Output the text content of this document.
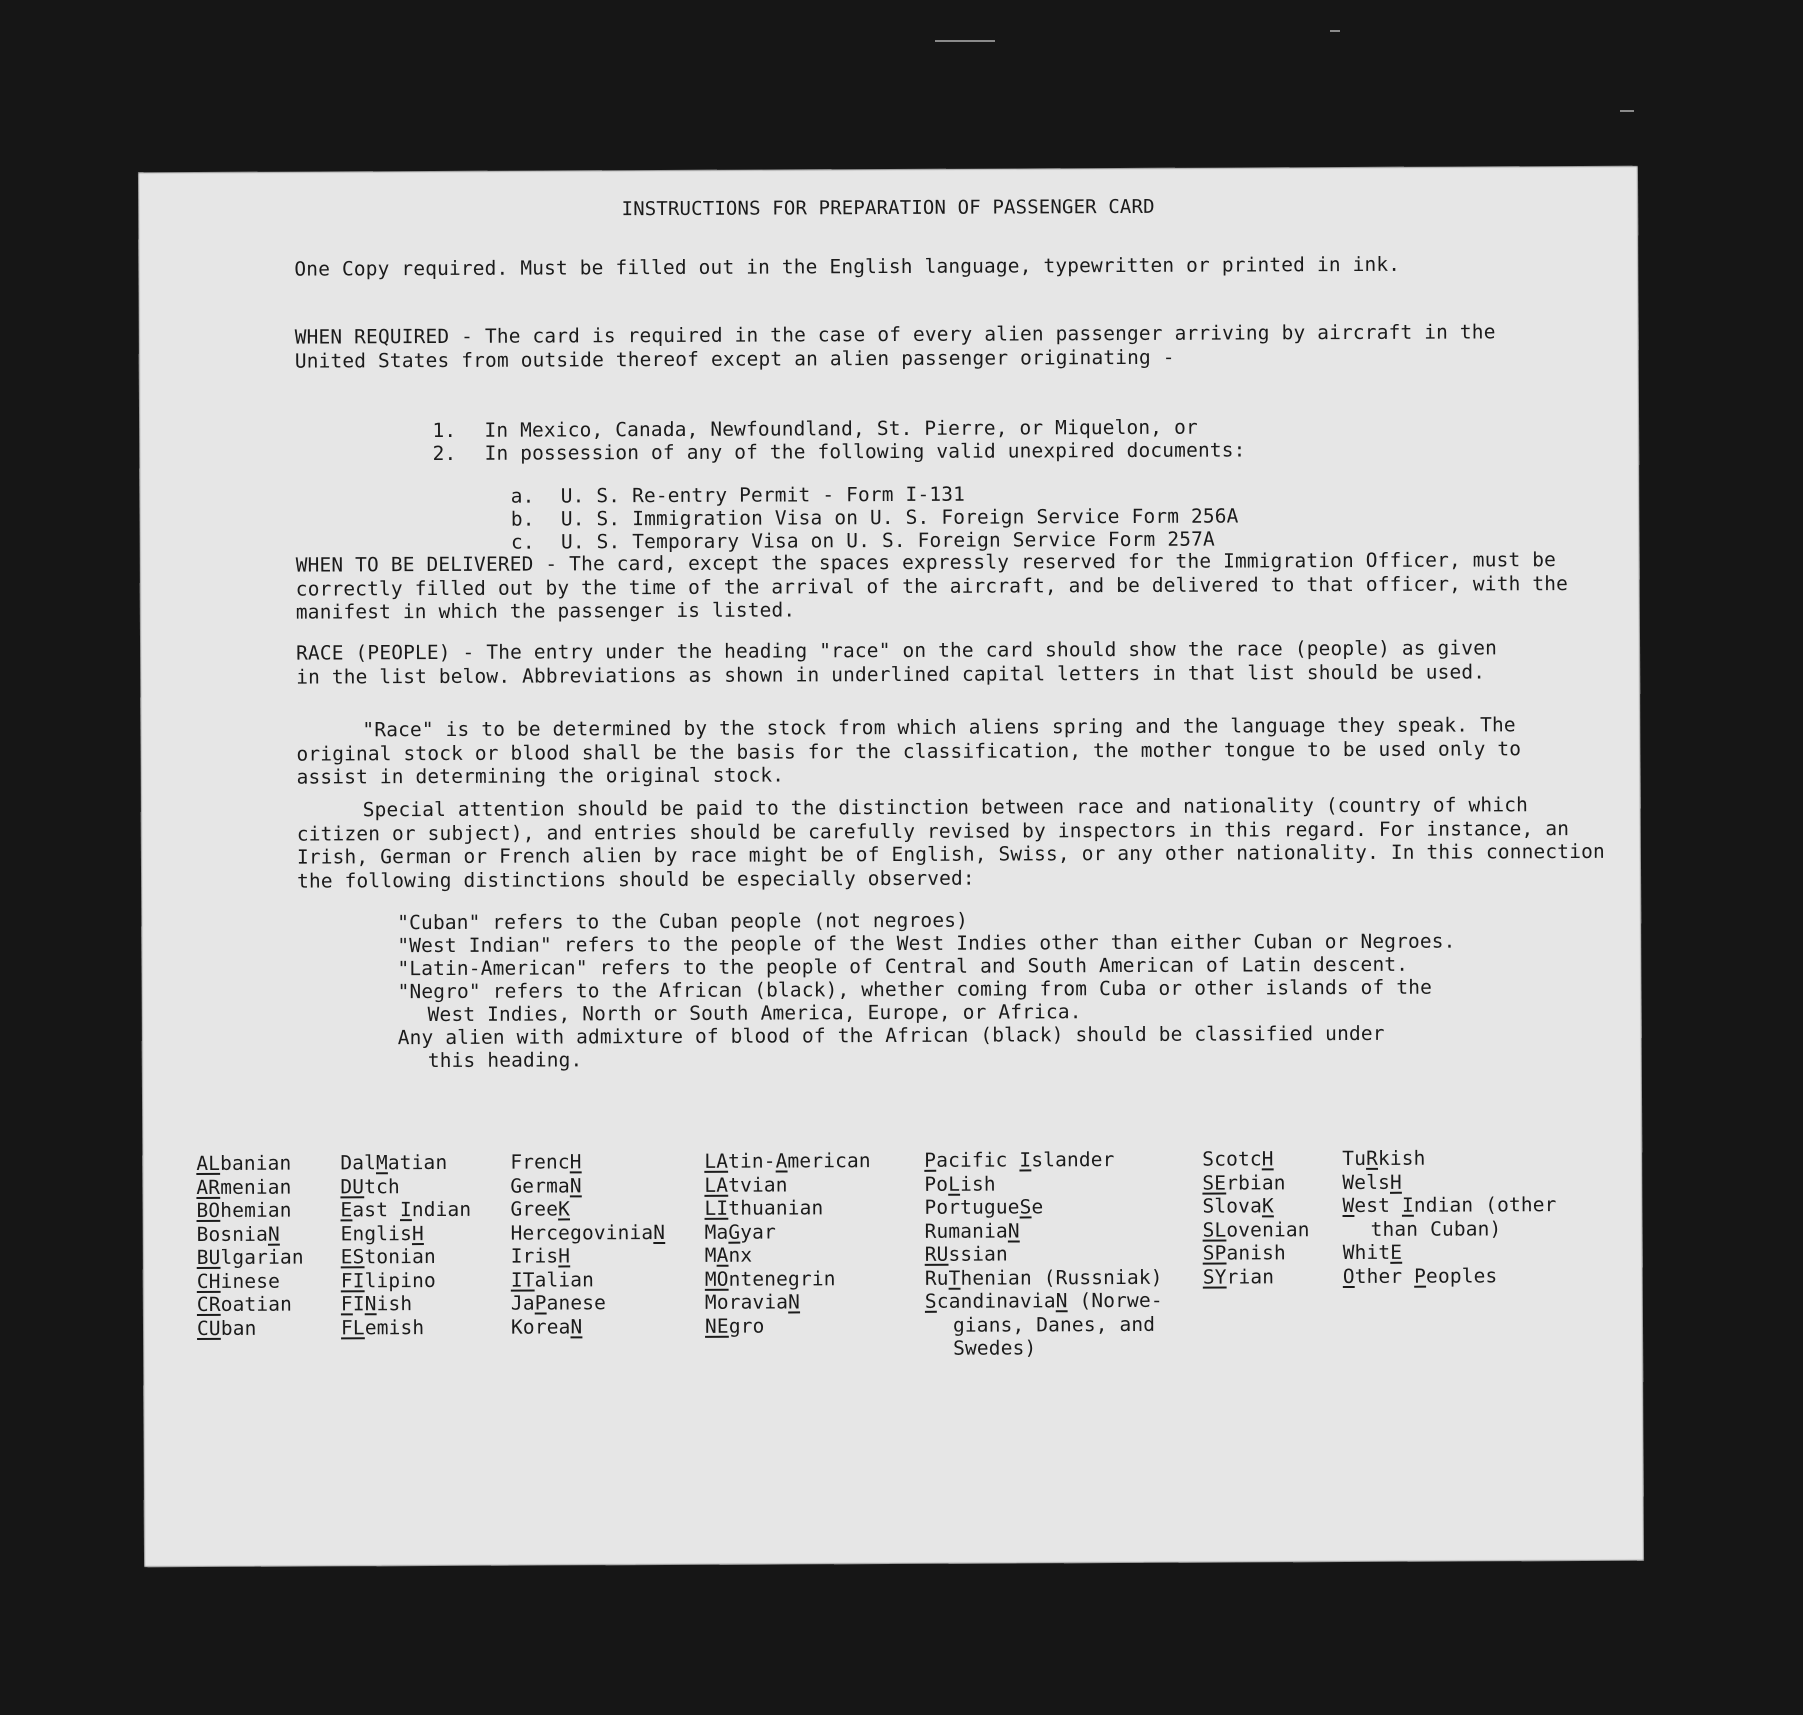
INSTRUCTIONS FOR PREPARATION OF PASSENGER CARD

One Copy required. Must be filled out in the English language, typewritten or printed in ink.

WHEN REQUIRED - The card is required in the case of every alien passenger arriving by aircraft in the United States from outside thereof except an alien passenger originating -

1. In Mexico, Canada, Newfoundland, St. Pierre, or Miquelon, or

2. In possession of any of the following valid unexpired documents:

a. U. S. Re-entry Permit - Form I-131

b. U. S. Immigration Visa on U. S. Foreign Service Form 256A

c. U. S. Temporary Visa on U. S. Foreign Service Form 257A

WHEN TO BE DELIVERED - The card, except the spaces expressly reserved for the Immigration Officer, must be correctly filled out by the time of the arrival of the aircraft, and be delivered to that officer, with the manifest in which the passenger is listed.

RACE (PEOPLE) - The entry under the heading "race" on the card should show the race (people) as given in the list below. Abbreviations as shown in underlined capital letters in that list should be used.

"Race" is to be determined by the stock from which aliens spring and the language they speak. The original stock or blood shall be the basis for the classification, the mother tongue to be used only to assist in determining the original stock.

Special attention should be paid to the distinction between race and nationality (country of which citizen or subject), and entries should be carefully revised by inspectors in this regard. For instance, an Irish, German or French alien by race might be of English, Swiss, or any other nationality. In this connection the following distinctions should be especially observed:

"Cuban" refers to the Cuban people (not negroes)
"West Indian" refers to the people of the West Indies other than either Cuban or Negroes.
"Latin-American" refers to the people of Central and South American of Latin descent.
"Negro" refers to the African (black), whether coming from Cuba or other islands of the
West Indies, North or South America, Europe, or Africa.
Any alien with admixture of blood of the African (black) should be classified under
this heading.
ALbanian
ARmenian
BOhemian
BosniaN
BUlgarian
CHinese
CRoatian
CUban
DalMatian
DUtch
East Indian
EnglisH
EStonian
FIlipino
FINish
FLemish
FrencH
GermaN
GreeK
HercegoviniaN
IrisH
ITalian
JaPanese
KoreaN
LAtin-American
LAtvian
LIthuanian
MaGyar
MAnx
MOntenegrin
MoraviaN
NEgro
Pacific Islander
PoLish
PortugueSe
RumaniaN
RUssian
RuThenian (Russniak)
ScandinaviaN (Norwe-
gians, Danes, and
Swedes)
ScotcH
SErbian
SlovaK
SLovenian
SPanish
SYrian
TuRkish
WelsH
West Indian (other
than Cuban)
WhitE
Other Peoples
